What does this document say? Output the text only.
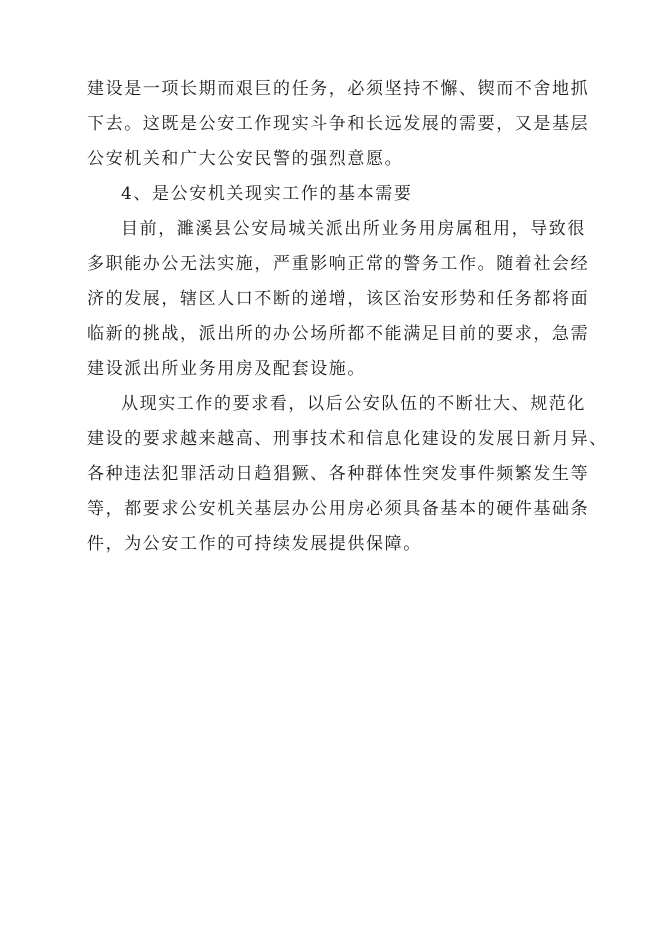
建设是一项长期而艰巨的任务，必须坚持不懈、锲而不舍地抓
下去。这既是公安工作现实斗争和长远发展的需要，又是基层
公安机关和广大公安民警的强烈意愿。
4、是公安机关现实工作的基本需要
目前，濉溪县公安局城关派出所业务用房属租用，导致很
多职能办公无法实施，严重影响正常的警务工作。随着社会经
济的发展，辖区人口不断的递增，该区治安形势和任务都将面
临新的挑战，派出所的办公场所都不能满足目前的要求，急需
建设派出所业务用房及配套设施。
从现实工作的要求看，以后公安队伍的不断壮大、规范化
建设的要求越来越高、刑事技术和信息化建设的发展日新月异、
各种违法犯罪活动日趋猖獗、各种群体性突发事件频繁发生等
等，都要求公安机关基层办公用房必须具备基本的硬件基础条
件，为公安工作的可持续发展提供保障。
